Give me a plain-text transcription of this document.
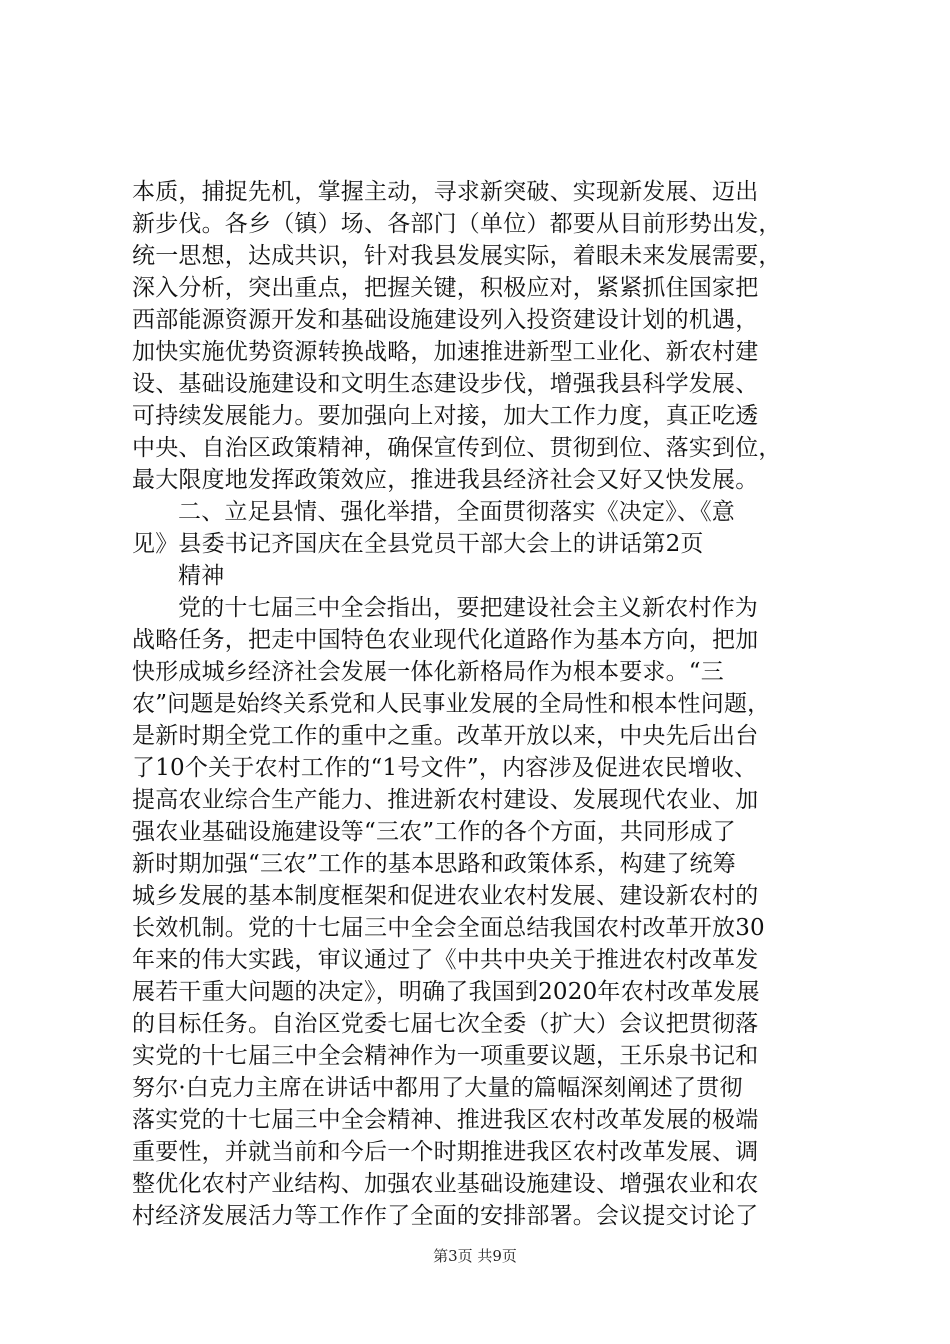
本质，捕捉先机，掌握主动，寻求新突破、实现新发展、迈出
新步伐。各乡（镇）场、各部门（单位）都要从目前形势出发，
统一思想，达成共识，针对我县发展实际，着眼未来发展需要，
深入分析，突出重点，把握关键，积极应对，紧紧抓住国家把
西部能源资源开发和基础设施建设列入投资建设计划的机遇，
加快实施优势资源转换战略，加速推进新型工业化、新农村建
设、基础设施建设和文明生态建设步伐，增强我县科学发展、
可持续发展能力。要加强向上对接，加大工作力度，真正吃透
中央、自治区政策精神，确保宣传到位、贯彻到位、落实到位，
最大限度地发挥政策效应，推进我县经济社会又好又快发展。
二、立足县情、强化举措，全面贯彻落实《决定》、《意
见》县委书记齐国庆在全县党员干部大会上的讲话第2页
精神
党的十七届三中全会指出，要把建设社会主义新农村作为
战略任务，把走中国特色农业现代化道路作为基本方向，把加
快形成城乡经济社会发展一体化新格局作为根本要求。“三
农”问题是始终关系党和人民事业发展的全局性和根本性问题，
是新时期全党工作的重中之重。改革开放以来，中央先后出台
了10个关于农村工作的“1号文件”，内容涉及促进农民增收、
提高农业综合生产能力、推进新农村建设、发展现代农业、加
强农业基础设施建设等“三农”工作的各个方面，共同形成了
新时期加强“三农”工作的基本思路和政策体系，构建了统筹
城乡发展的基本制度框架和促进农业农村发展、建设新农村的
长效机制。党的十七届三中全会全面总结我国农村改革开放30
年来的伟大实践，审议通过了《中共中央关于推进农村改革发
展若干重大问题的决定》，明确了我国到2020年农村改革发展
的目标任务。自治区党委七届七次全委（扩大）会议把贯彻落
实党的十七届三中全会精神作为一项重要议题，王乐泉书记和
努尔·白克力主席在讲话中都用了大量的篇幅深刻阐述了贯彻
落实党的十七届三中全会精神、推进我区农村改革发展的极端
重要性，并就当前和今后一个时期推进我区农村改革发展、调
整优化农村产业结构、加强农业基础设施建设、增强农业和农
村经济发展活力等工作作了全面的安排部署。会议提交讨论了
第3页 共9页
